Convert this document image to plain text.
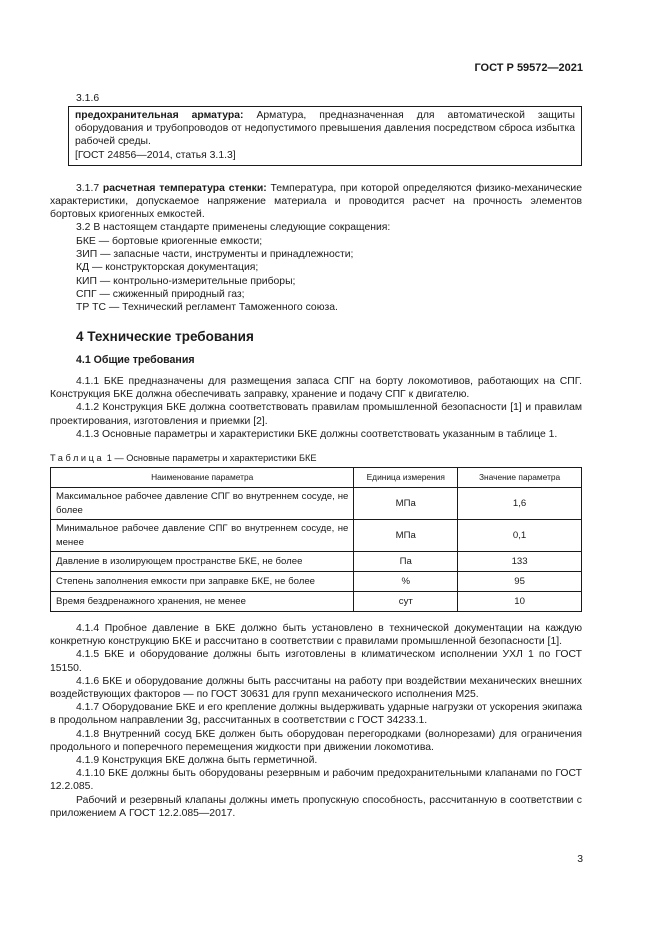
ГОСТ Р 59572—2021
3.1.6
предохранительная арматура: Арматура, предназначенная для автоматической защиты оборудования и трубопроводов от недопустимого превышения давления посредством сброса избытка рабочей среды.
[ГОСТ 24856—2014, статья 3.1.3]
3.1.7 расчетная температура стенки: Температура, при которой определяются физико-механические характеристики, допускаемое напряжение материала и проводится расчет на прочность элементов бортовых криогенных емкостей.
3.2 В настоящем стандарте применены следующие сокращения:
БКЕ — бортовые криогенные емкости;
ЗИП — запасные части, инструменты и принадлежности;
КД — конструкторская документация;
КИП — контрольно-измерительные приборы;
СПГ — сжиженный природный газ;
ТР ТС — Технический регламент Таможенного союза.
4 Технические требования
4.1 Общие требования
4.1.1 БКЕ предназначены для размещения запаса СПГ на борту локомотивов, работающих на СПГ. Конструкция БКЕ должна обеспечивать заправку, хранение и подачу СПГ к двигателю.
4.1.2 Конструкция БКЕ должна соответствовать правилам промышленной безопасности [1] и правилам проектирования, изготовления и приемки [2].
4.1.3 Основные параметры и характеристики БКЕ должны соответствовать указанным в таблице 1.
Таблица 1 — Основные параметры и характеристики БКЕ
Наименование параметра	Единица измерения	Значение параметра
Максимальное рабочее давление СПГ во внутреннем сосуде, не более	МПа	1,6
Минимальное рабочее давление СПГ во внутреннем сосуде, не менее	МПа	0,1
Давление в изолирующем пространстве БКЕ, не более	Па	133
Степень заполнения емкости при заправке БКЕ, не более	%	95
Время бездренажного хранения, не менее	сут	10
4.1.4 Пробное давление в БКЕ должно быть установлено в технической документации на каждую конкретную конструкцию БКЕ и рассчитано в соответствии с правилами промышленной безопасности [1].
4.1.5 БКЕ и оборудование должны быть изготовлены в климатическом исполнении УХЛ 1 по ГОСТ 15150.
4.1.6 БКЕ и оборудование должны быть рассчитаны на работу при воздействии механических внешних воздействующих факторов — по ГОСТ 30631 для групп механического исполнения М25.
4.1.7 Оборудование БКЕ и его крепление должны выдерживать ударные нагрузки от ускорения экипажа в продольном направлении 3g, рассчитанных в соответствии с ГОСТ 34233.1.
4.1.8 Внутренний сосуд БКЕ должен быть оборудован перегородками (волнорезами) для ограничения продольного и поперечного перемещения жидкости при движении локомотива.
4.1.9 Конструкция БКЕ должна быть герметичной.
4.1.10 БКЕ должны быть оборудованы резервным и рабочим предохранительными клапанами по ГОСТ 12.2.085.
Рабочий и резервный клапаны должны иметь пропускную способность, рассчитанную в соответствии с приложением А ГОСТ 12.2.085—2017.
3
